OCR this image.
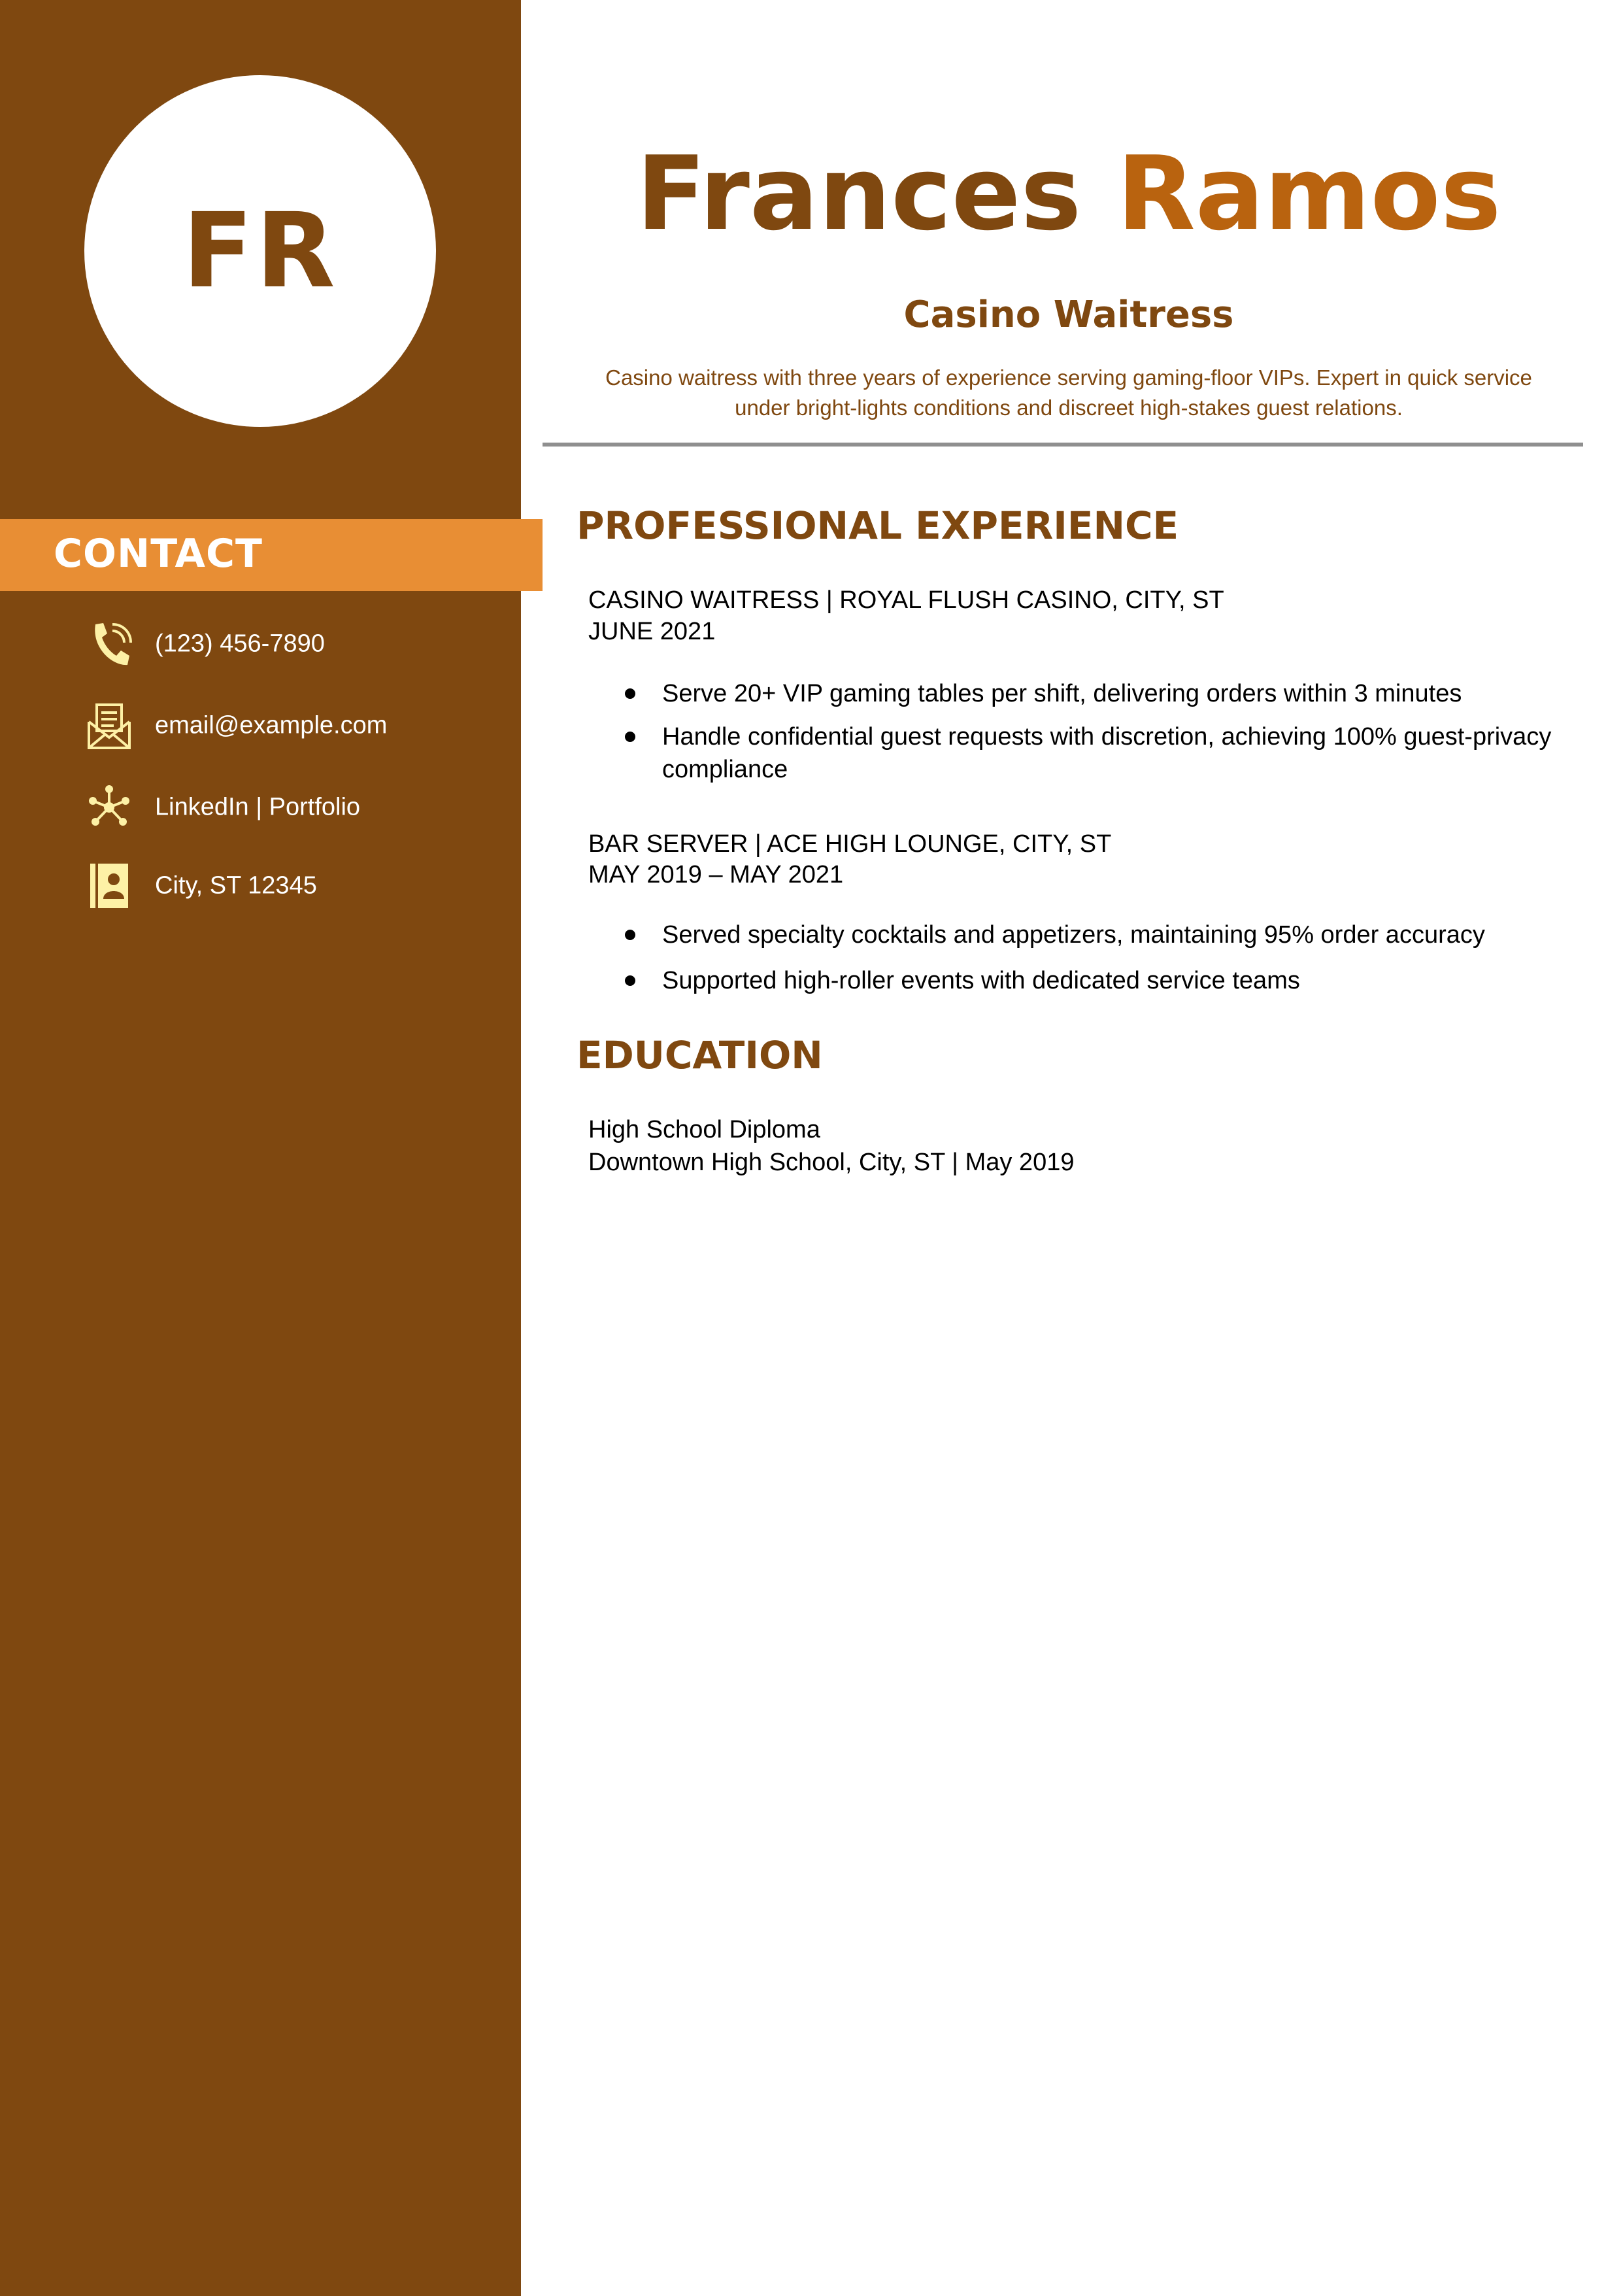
FR
CONTACT
(123) 456-7890
email@example.com
LinkedIn | Portfolio
City, ST 12345
Frances Ramos
Casino Waitress
Casino waitress with three years of experience serving gaming-floor VIPs. Expert in quick service under bright-lights conditions and discreet high-stakes guest relations.
PROFESSIONAL EXPERIENCE
CASINO WAITRESS | ROYAL FLUSH CASINO, CITY, ST
JUNE 2021
Serve 20+ VIP gaming tables per shift, delivering orders within 3 minutes
Handle confidential guest requests with discretion, achieving 100% guest-privacy compliance
BAR SERVER | ACE HIGH LOUNGE, CITY, ST
MAY 2019 – MAY 2021
Served specialty cocktails and appetizers, maintaining 95% order accuracy
Supported high-roller events with dedicated service teams
EDUCATION
High School Diploma
Downtown High School, City, ST | May 2019
